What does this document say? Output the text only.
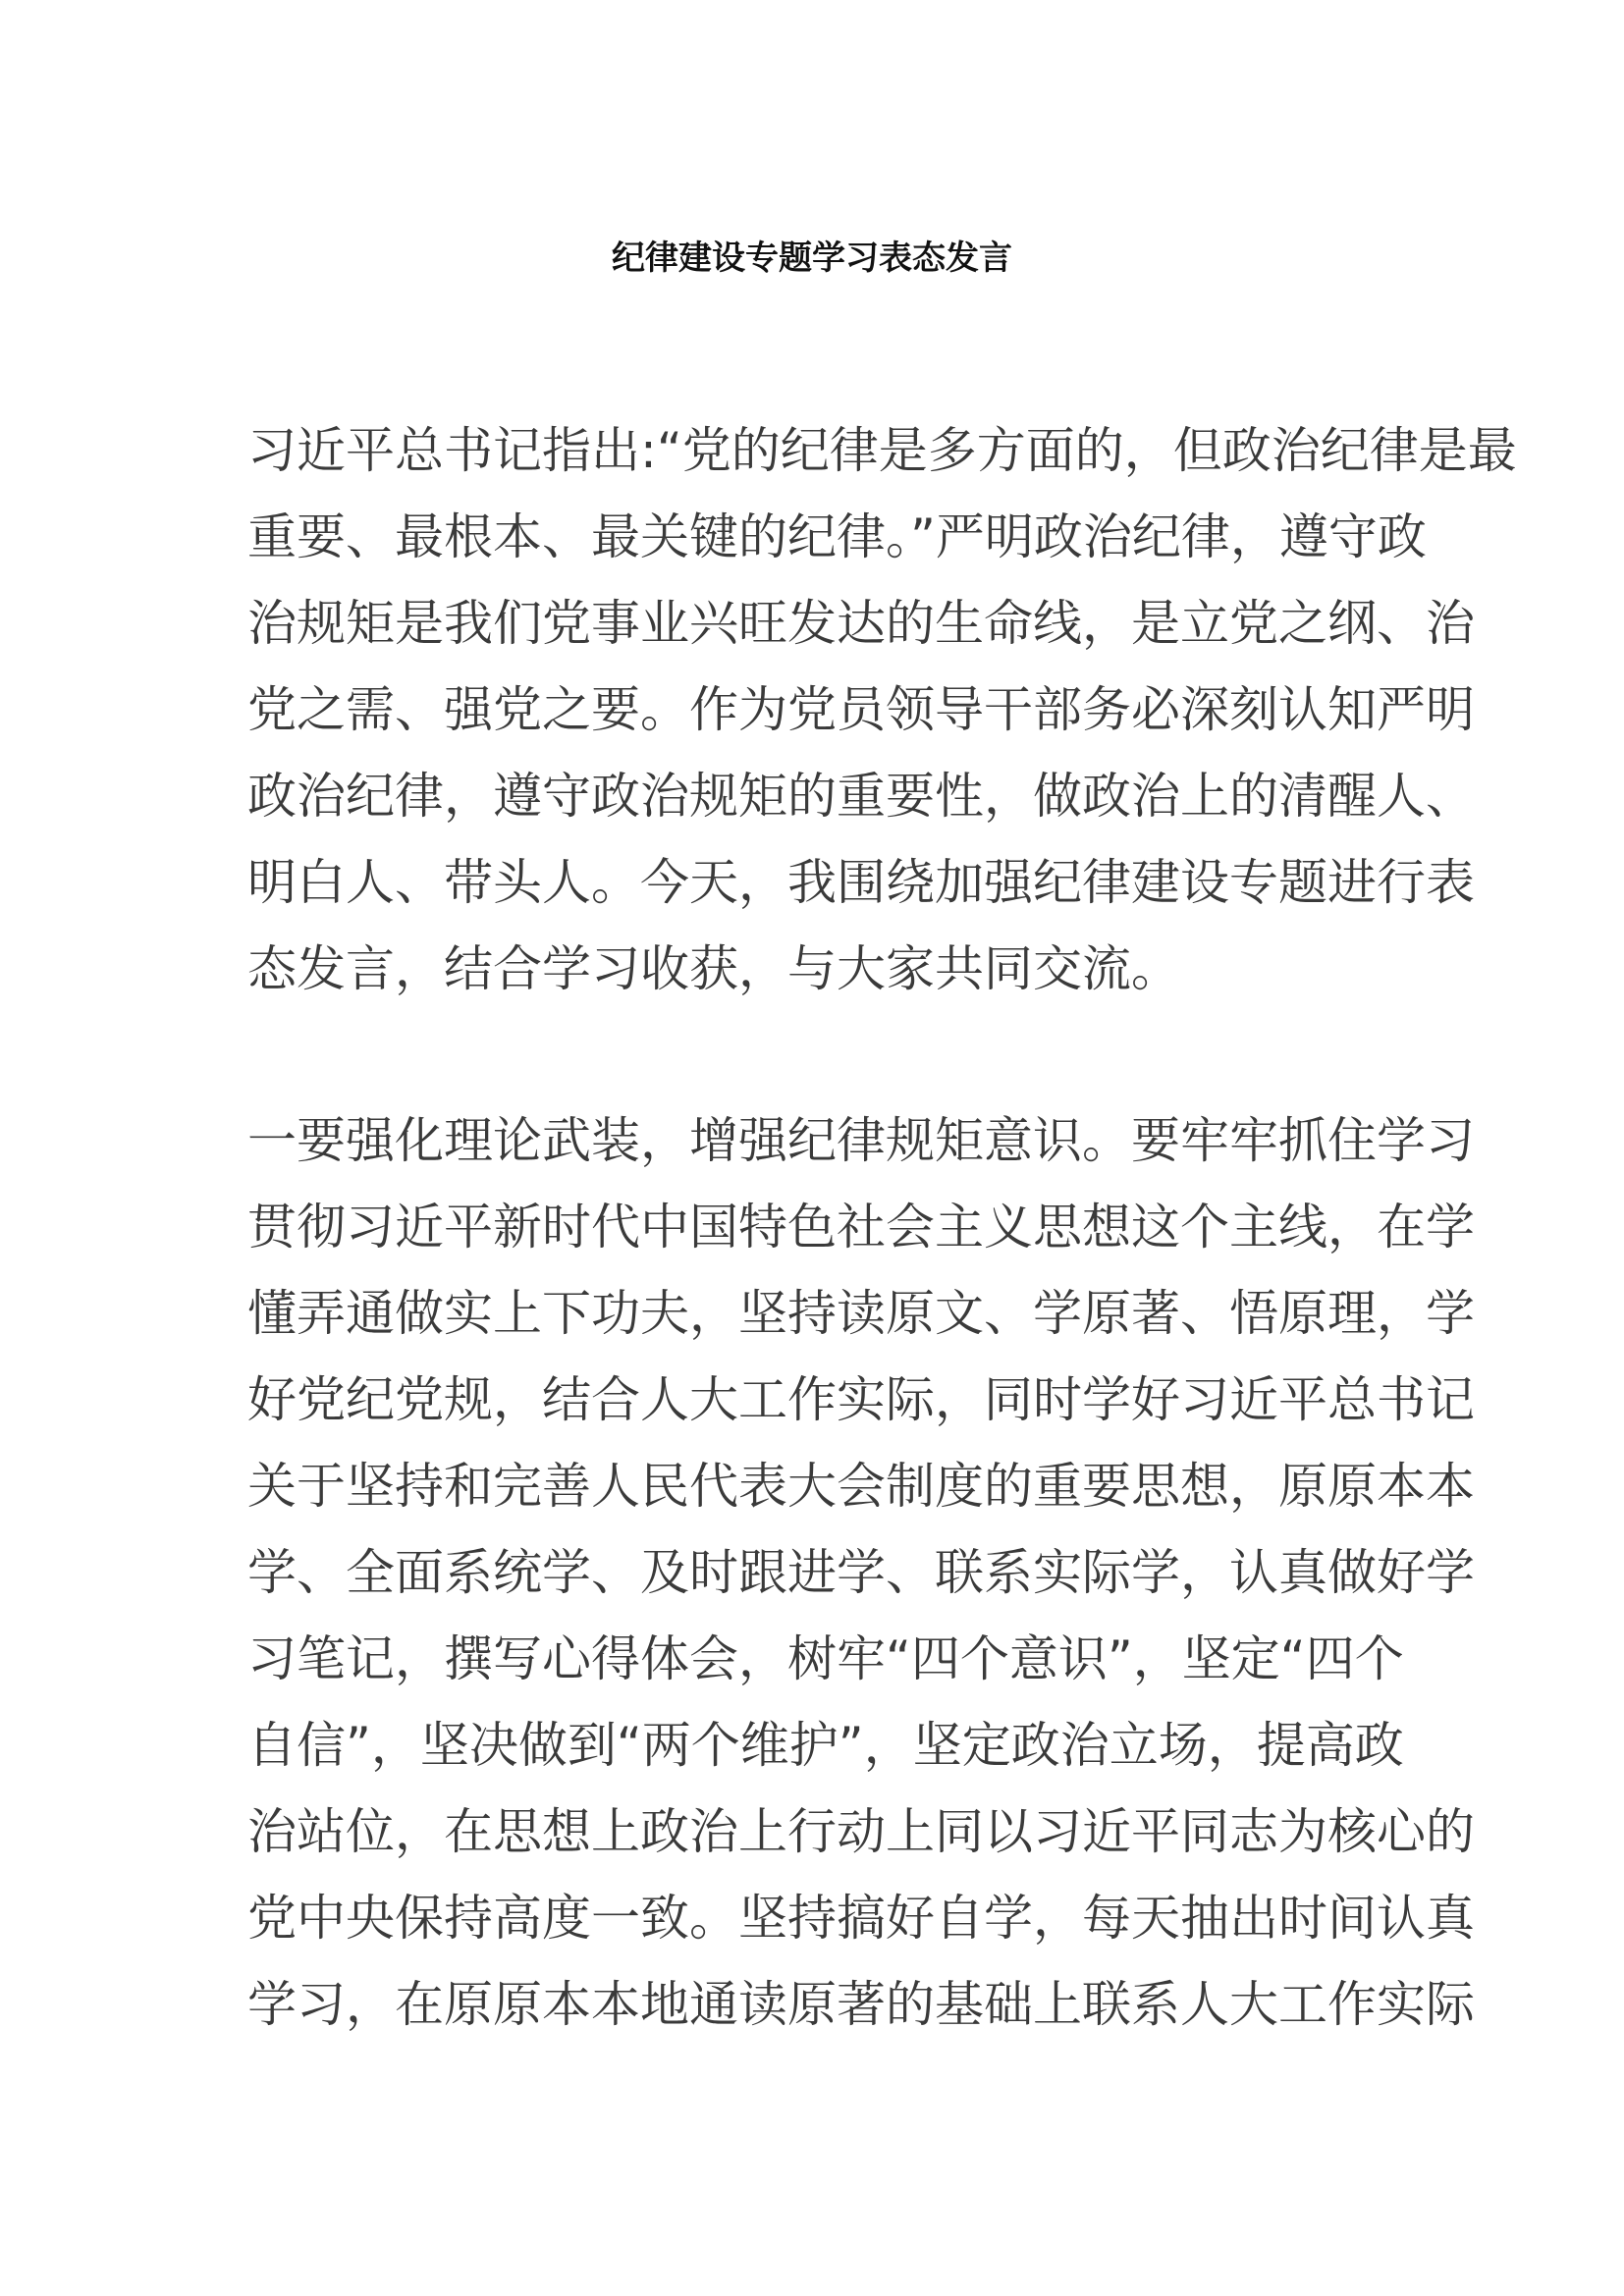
纪律建设专题学习表态发言
习近平总书记指出:“党的纪律是多方面的，但政治纪律是最
重要、最根本、最关键的纪律。”严明政治纪律，遵守政
治规矩是我们党事业兴旺发达的生命线，是立党之纲、治
党之需、强党之要。作为党员领导干部务必深刻认知严明
政治纪律，遵守政治规矩的重要性，做政治上的清醒人、
明白人、带头人。今天，我围绕加强纪律建设专题进行表
态发言，结合学习收获，与大家共同交流。
一要强化理论武装，增强纪律规矩意识。要牢牢抓住学习
贯彻习近平新时代中国特色社会主义思想这个主线，在学
懂弄通做实上下功夫，坚持读原文、学原著、悟原理，学
好党纪党规，结合人大工作实际，同时学好习近平总书记
关于坚持和完善人民代表大会制度的重要思想，原原本本
学、全面系统学、及时跟进学、联系实际学，认真做好学
习笔记，撰写心得体会，树牢“四个意识”，坚定“四个
自信”，坚决做到“两个维护”，坚定政治立场，提高政
治站位，在思想上政治上行动上同以习近平同志为核心的
党中央保持高度一致。坚持搞好自学，每天抽出时间认真
学习，在原原本本地通读原著的基础上联系人大工作实际
